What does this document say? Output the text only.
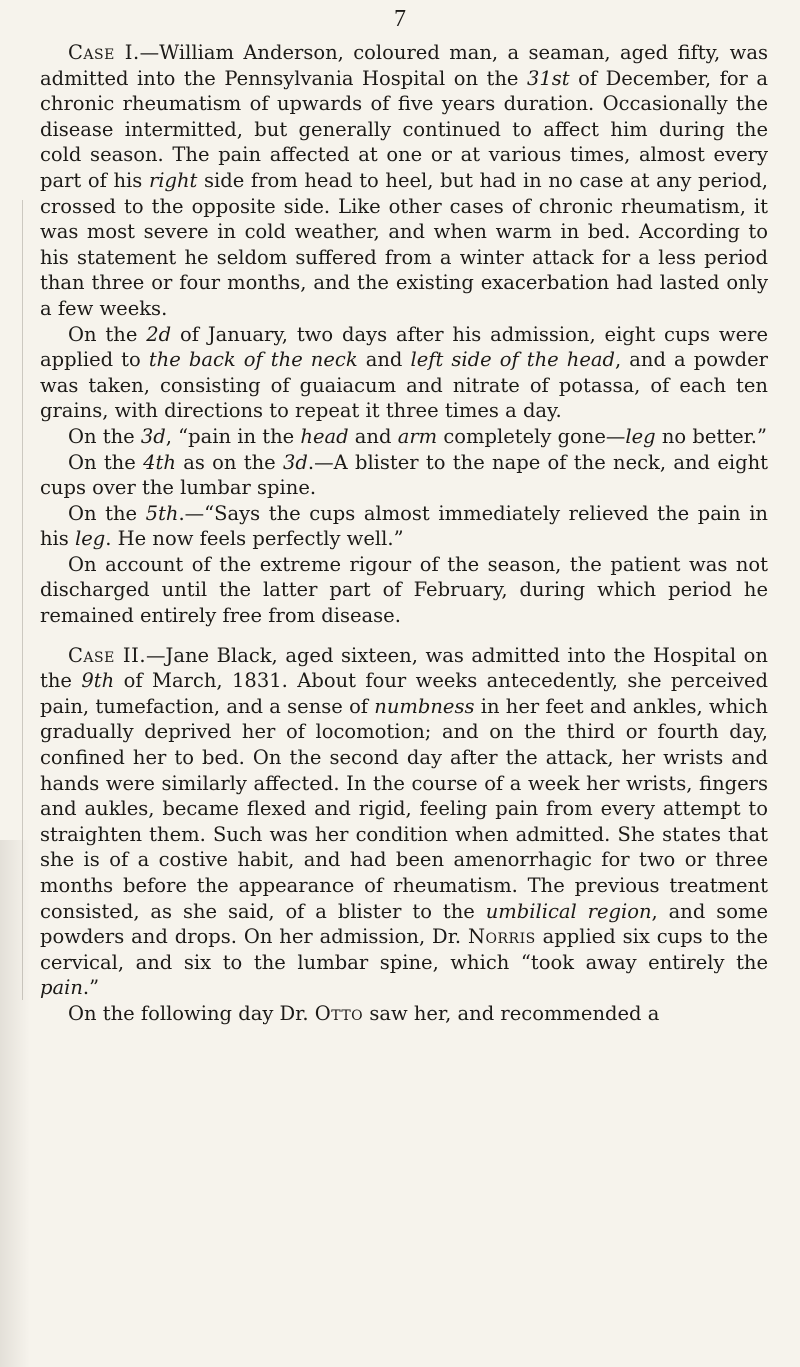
7

Case I.—William Anderson, coloured man, a seaman, aged fifty, was admitted into the Pennsylvania Hospital on the 31st of December, for a chronic rheumatism of upwards of five years duration. Occasionally the disease intermitted, but generally continued to affect him during the cold season. The pain affected at one or at various times, almost every part of his right side from head to heel, but had in no case at any period, crossed to the opposite side. Like other cases of chronic rheumatism, it was most severe in cold weather, and when warm in bed. According to his statement he seldom suffered from a winter attack for a less period than three or four months, and the existing exacerbation had lasted only a few weeks.

On the 2d of January, two days after his admission, eight cups were applied to the back of the neck and left side of the head, and a powder was taken, consisting of guaiacum and nitrate of potassa, of each ten grains, with directions to repeat it three times a day.

On the 3d, “pain in the head and arm completely gone—leg no better.”

On the 4th as on the 3d.—A blister to the nape of the neck, and eight cups over the lumbar spine.

On the 5th.—“Says the cups almost immediately relieved the pain in his leg. He now feels perfectly well.”

On account of the extreme rigour of the season, the patient was not discharged until the latter part of February, during which period he remained entirely free from disease.

Case II.—Jane Black, aged sixteen, was admitted into the Hospital on the 9th of March, 1831. About four weeks antecedently, she perceived pain, tumefaction, and a sense of numbness in her feet and ankles, which gradually deprived her of locomotion; and on the third or fourth day, confined her to bed. On the second day after the attack, her wrists and hands were similarly affected. In the course of a week her wrists, fingers and aukles, became flexed and rigid, feeling pain from every attempt to straighten them. Such was her condition when admitted. She states that she is of a costive habit, and had been amenorrhagic for two or three months before the appearance of rheumatism. The previous treatment consisted, as she said, of a blister to the umbilical region, and some powders and drops. On her admission, Dr. Norris applied six cups to the cervical, and six to the lumbar spine, which “took away entirely the pain.”

On the following day Dr. Otto saw her, and recommended a
